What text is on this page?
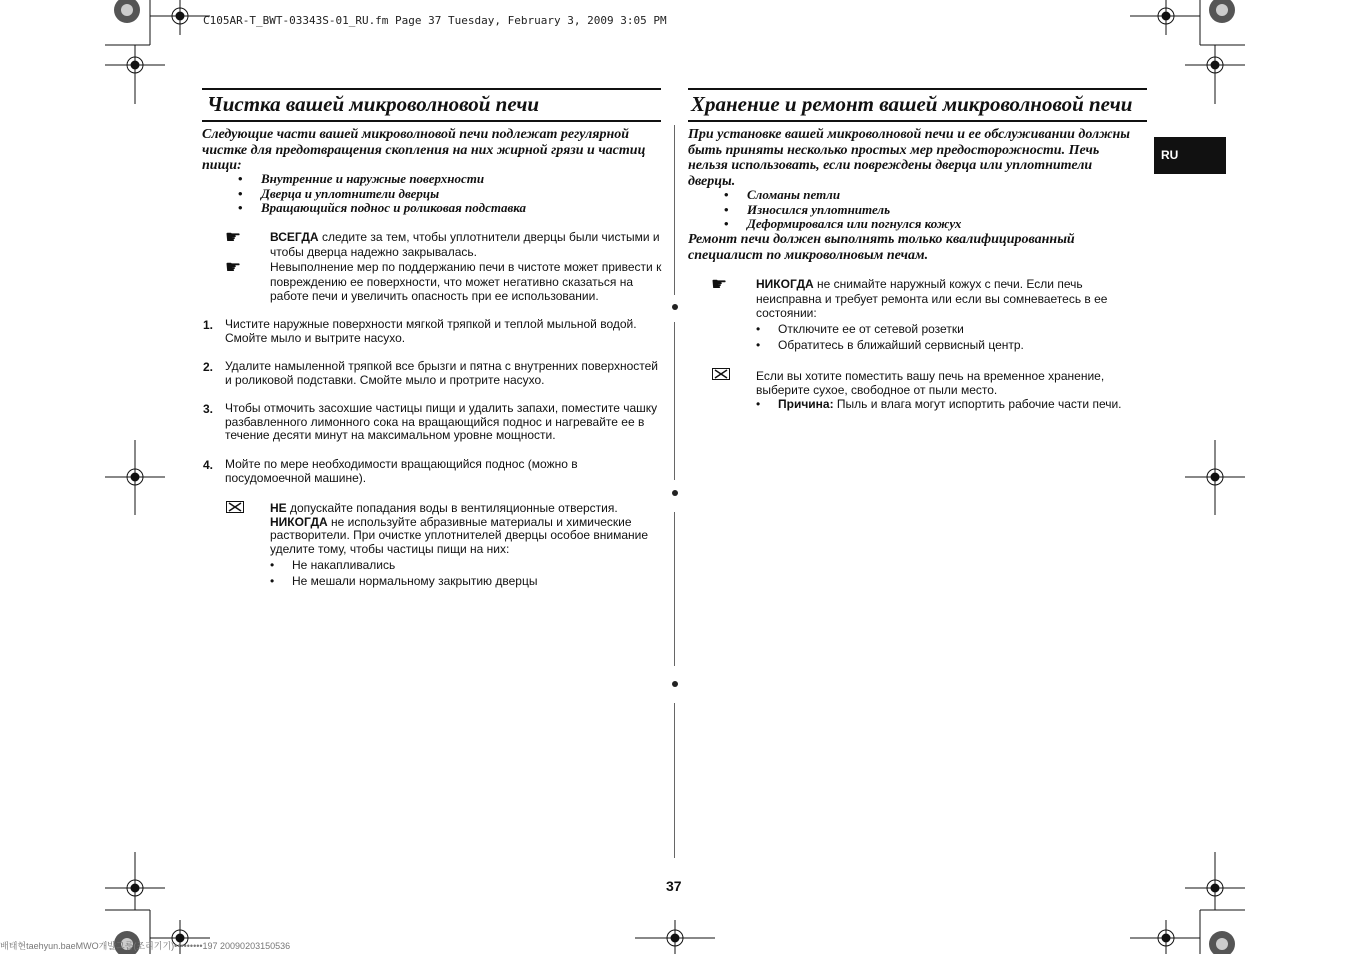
C105AR-T_BWT-03343S-01_RU.fm Page 37 Tuesday, February 3, 2009 3:05 PM
RU
Чистка вашей микроволновой печи
Следующие части вашей микроволновой печи подлежат регулярной чистке для предотвращения скопления на них жирной грязи и частиц пищи:
• Внутренние и наружные поверхности
• Дверца и уплотнители дверцы
• Вращающийся поднос и роликовая подставка
☛ ВСЕГДА следите за тем, чтобы уплотнители дверцы были чистыми и чтобы дверца надежно закрывалась.
☛ Невыполнение мер по поддержанию печи в чистоте может привести к повреждению ее поверхности, что может негативно сказаться на работе печи и увеличить опасность при ее использовании.
1. Чистите наружные поверхности мягкой тряпкой и теплой мыльной водой. Смойте мыло и вытрите насухо.
2. Удалите намыленной тряпкой все брызги и пятна с внутренних поверхностей и роликовой подставки. Смойте мыло и протрите насухо.
3. Чтобы отмочить засохшие частицы пищи и удалить запахи, поместите чашку разбавленного лимонного сока на вращающийся поднос и нагревайте ее в течение десяти минут на максимальном уровне мощности.
4. Мойте по мере необходимости вращающийся поднос (можно в посудомоечной машине).
НЕ допускайте попадания воды в вентиляционные отверстия.
НИКОГДА не используйте абразивные материалы и химические растворители. При очистке уплотнителей дверцы особое внимание уделите тому, чтобы частицы пищи на них:
• Не накапливались
• Не мешали нормальному закрытию дверцы
Хранение и ремонт вашей микроволновой печи
При установке вашей микроволновой печи и ее обслуживании должны быть приняты несколько простых мер предосторожности. Печь нельзя использовать, если повреждены дверца или уплотнители дверцы.
• Сломаны петли
• Износился уплотнитель
• Деформировался или погнулся кожух
Ремонт печи должен выполнять только квалифицированный специалист по микроволновым печам.
☛ НИКОГДА не снимайте наружный кожух с печи. Если печь неисправна и требует ремонта или если вы сомневаетесь в ее состоянии:
• Отключите ее от сетевой розетки
• Обратитесь в ближайший сервисный центр.
Если вы хотите поместить вашу печь на временное хранение, выберите сухое, свободное от пыли место.
• Причина: Пыль и влага могут испортить рабочие части печи.
37
배태현taehyun.baeMWO개발그룹(조리기기)•••••••••197 20090203150536
